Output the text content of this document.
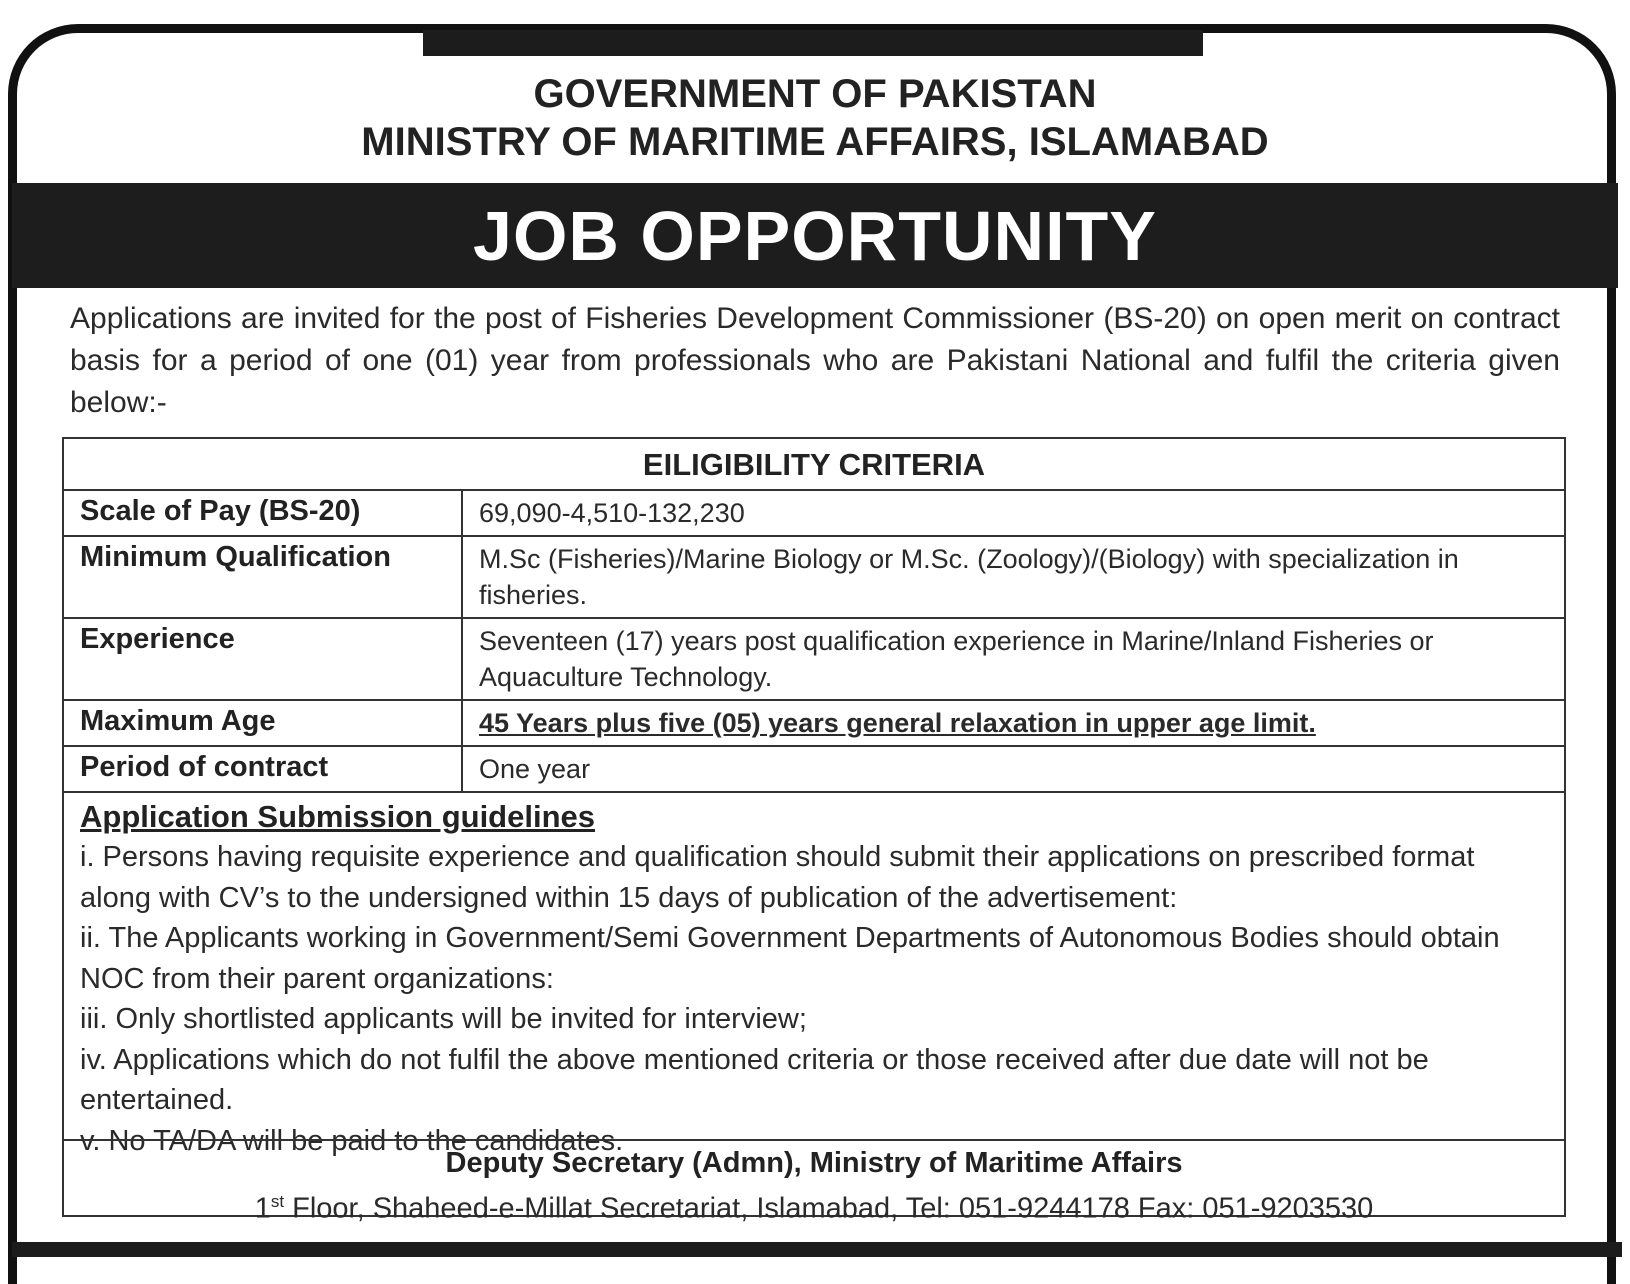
GOVERNMENT OF PAKISTAN
MINISTRY OF MARITIME AFFAIRS, ISLAMABAD
JOB OPPORTUNITY
Applications are invited for the post of Fisheries Development Commissioner (BS-20) on open merit on contract basis for a period of one (01) year from professionals who are Pakistani National and fulfil the criteria given below:-
EILIGIBILITY CRITERIA
Scale of Pay (BS-20)	69,090-4,510-132,230
Minimum Qualification	M.Sc (Fisheries)/Marine Biology or M.Sc. (Zoology)/(Biology) with specialization in fisheries.
Experience	Seventeen (17) years post qualification experience in Marine/Inland Fisheries or Aquaculture Technology.
Maximum Age	45 Years plus five (05) years general relaxation in upper age limit.
Period of contract	One year
Application Submission guidelines
i. Persons having requisite experience and qualification should submit their applications on prescribed format along with CV’s to the undersigned within 15 days of publication of the advertisement:
ii. The Applicants working in Government/Semi Government Departments of Autonomous Bodies should obtain NOC from their parent organizations:
iii. Only shortlisted applicants will be invited for interview;
iv. Applications which do not fulfil the above mentioned criteria or those received after due date will not be entertained.
v. No TA/DA will be paid to the candidates.
Deputy Secretary (Admn), Ministry of Maritime Affairs
1st Floor, Shaheed-e-Millat Secretariat, Islamabad, Tel: 051-9244178 Fax: 051-9203530
